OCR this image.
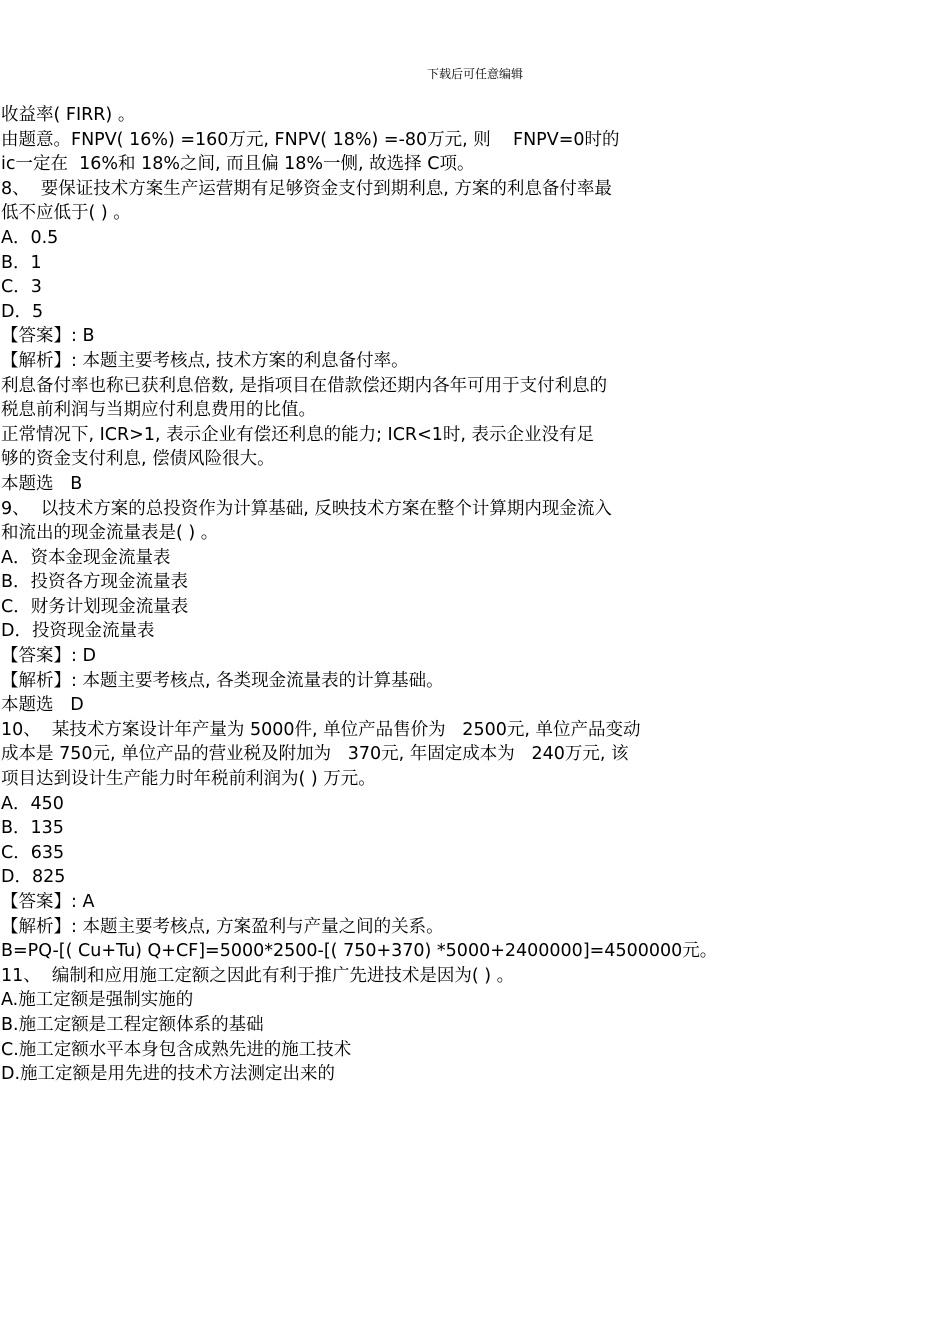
下载后可任意编辑
收益率( FIRR) 。
由题意。FNPV( 16%) =160万元, FNPV( 18%) =-80万元, 则    FNPV=0时的
ic一定在  16%和 18%之间, 而且偏 18%一侧, 故选择 C项。
8、  要保证技术方案生产运营期有足够资金支付到期利息, 方案的利息备付率最
低不应低于( ) 。
A．0.5
B．1
C．3
D．5
【答案】: B
【解析】: 本题主要考核点, 技术方案的利息备付率。
利息备付率也称已获利息倍数, 是指项目在借款偿还期内各年可用于支付利息的
税息前利润与当期应付利息费用的比值。
正常情况下, ICR>1, 表示企业有偿还利息的能力; ICR<1时, 表示企业没有足
够的资金支付利息, 偿债风险很大。
本题选   B
9、  以技术方案的总投资作为计算基础, 反映技术方案在整个计算期内现金流入
和流出的现金流量表是( ) 。
A．资本金现金流量表
B．投资各方现金流量表
C．财务计划现金流量表
D．投资现金流量表
【答案】: D
【解析】: 本题主要考核点, 各类现金流量表的计算基础。
本题选   D
10、  某技术方案设计年产量为 5000件, 单位产品售价为   2500元, 单位产品变动
成本是 750元, 单位产品的营业税及附加为   370元, 年固定成本为   240万元, 该
项目达到设计生产能力时年税前利润为( ) 万元。
A．450
B．135
C．635
D．825
【答案】: A
【解析】: 本题主要考核点, 方案盈利与产量之间的关系。
B=PQ-[( Cu+Tu) Q+CF]=5000*2500-[( 750+370) *5000+2400000]=4500000元。
11、  编制和应用施工定额之因此有利于推广先进技术是因为( ) 。
A.施工定额是强制实施的
B.施工定额是工程定额体系的基础
C.施工定额水平本身包含成熟先进的施工技术
D.施工定额是用先进的技术方法测定出来的
